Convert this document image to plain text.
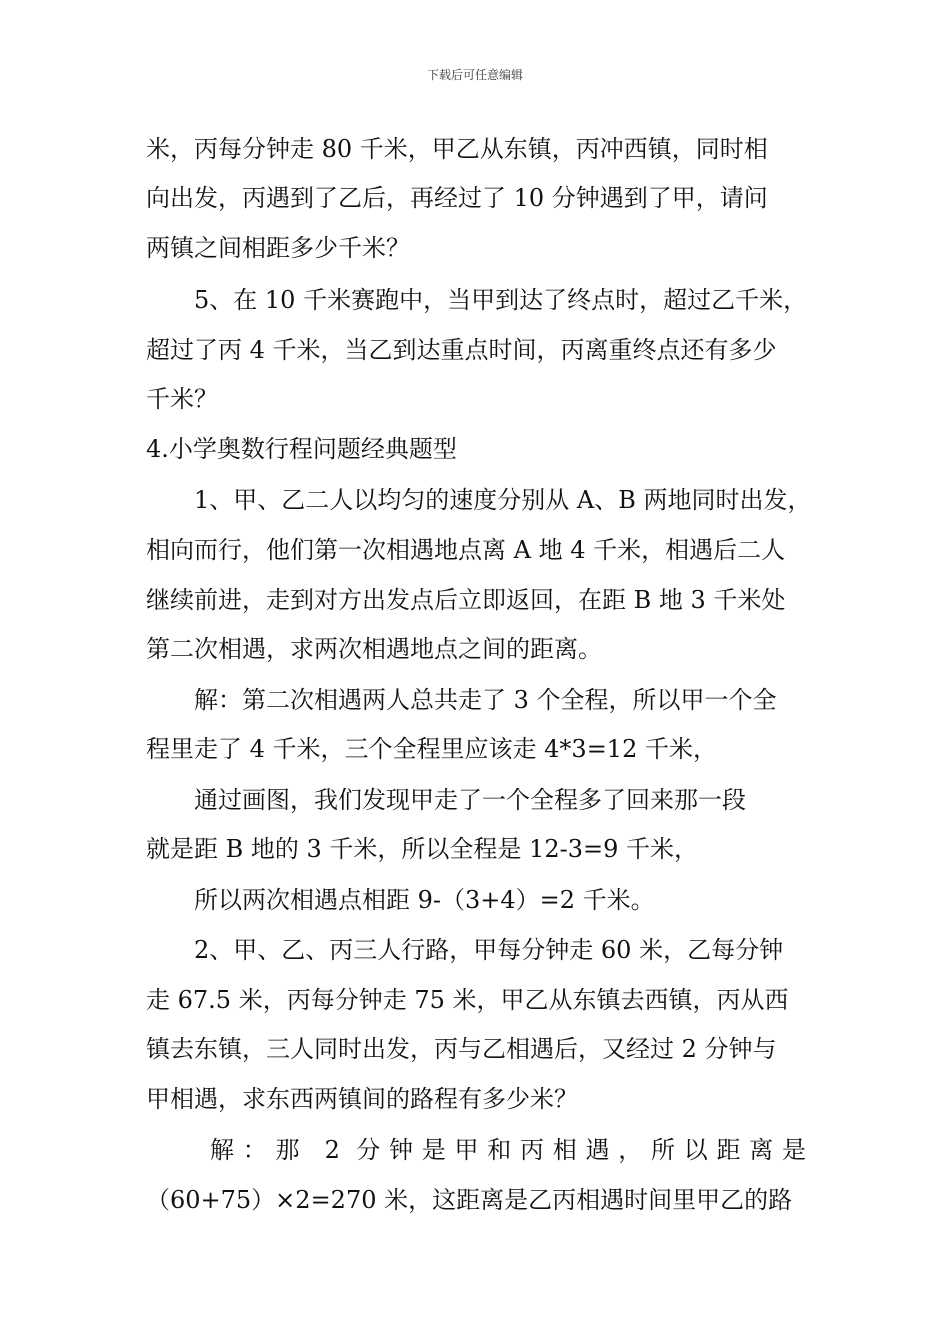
下载后可任意编辑
米，丙每分钟走 80 千米，甲乙从东镇，丙冲西镇，同时相
向出发，丙遇到了乙后，再经过了 10 分钟遇到了甲，请问
两镇之间相距多少千米？
5、在 10 千米赛跑中，当甲到达了终点时，超过乙千米，
超过了丙 4 千米，当乙到达重点时间，丙离重终点还有多少
千米？
4.小学奥数行程问题经典题型
1、甲、乙二人以均匀的速度分别从 A、B 两地同时出发，
相向而行，他们第一次相遇地点离 A 地 4 千米，相遇后二人
继续前进，走到对方出发点后立即返回，在距 B 地 3 千米处
第二次相遇，求两次相遇地点之间的距离。
解：第二次相遇两人总共走了 3 个全程，所以甲一个全
程里走了 4 千米，三个全程里应该走 4*3=12 千米，
通过画图，我们发现甲走了一个全程多了回来那一段
就是距 B 地的 3 千米，所以全程是 12-3=9 千米，
所以两次相遇点相距 9-（3+4）=2 千米。
2、甲、乙、丙三人行路，甲每分钟走 60 米，乙每分钟
走 67.5 米，丙每分钟走 75 米，甲乙从东镇去西镇，丙从西
镇去东镇，三人同时出发，丙与乙相遇后，又经过 2 分钟与
甲相遇，求东西两镇间的路程有多少米？
解：那 2 分钟是甲和丙相遇，所以距离是
（60+75）×2=270 米，这距离是乙丙相遇时间里甲乙的路
